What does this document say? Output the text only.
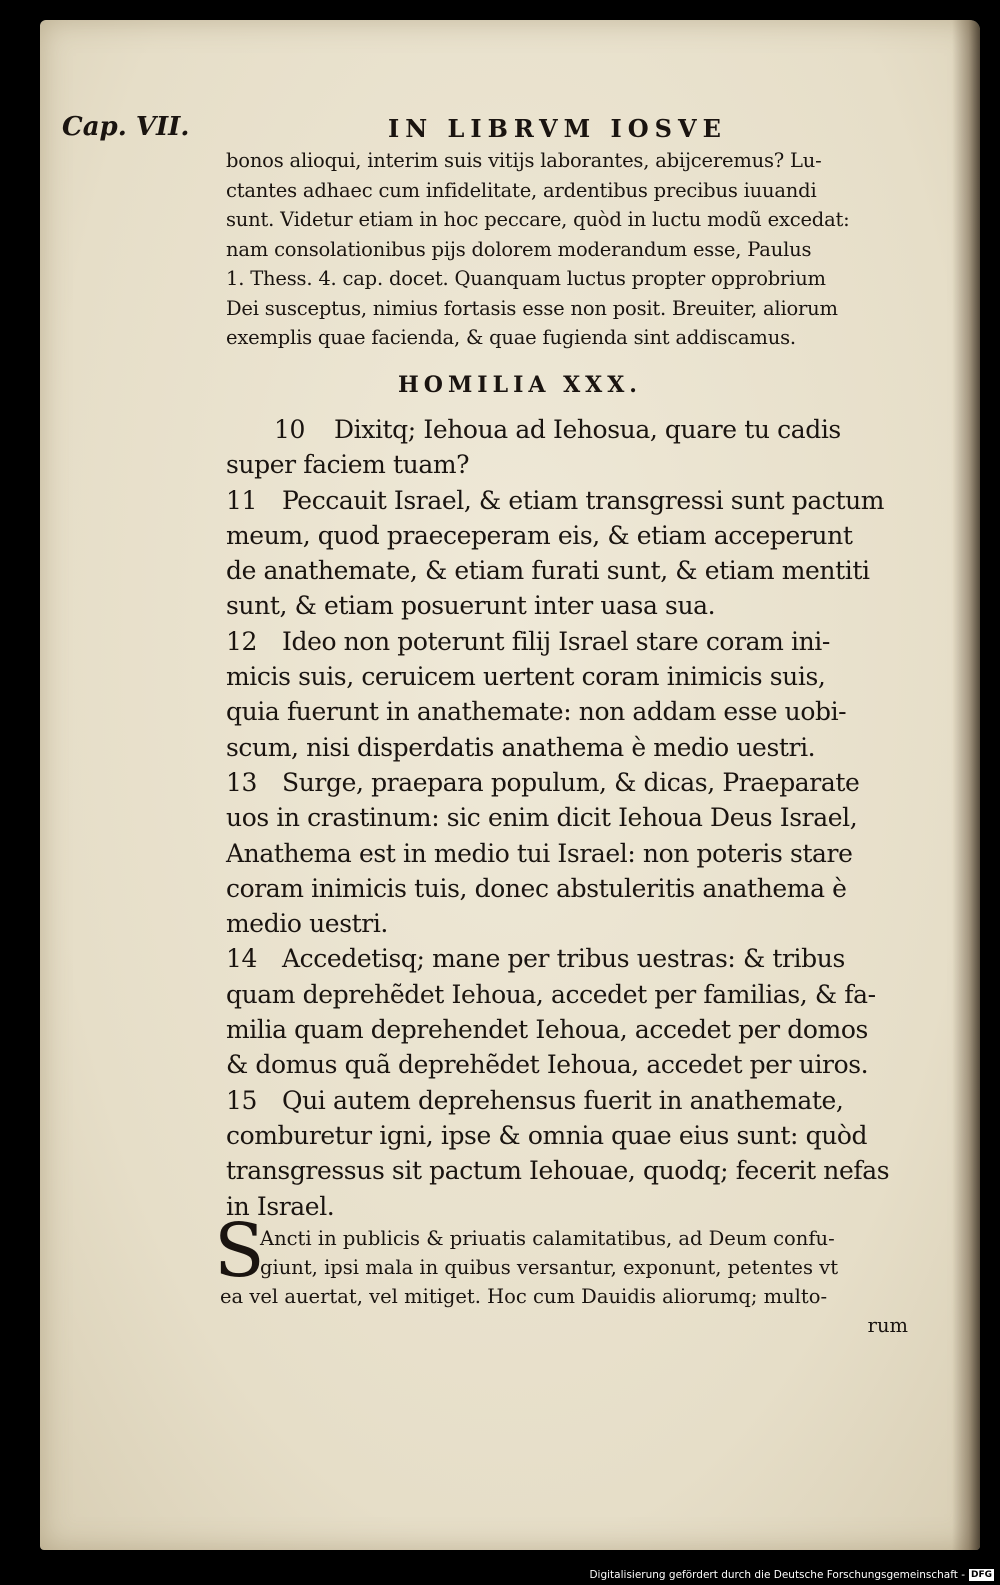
Cap. VII.	IN LIBRVM IOSVE

bonos alioqui, interim suis vitijs laborantes, abijceremus? Lu-

ctantes adhaec cum infidelitate, ardentibus precibus iuuandi

sunt. Videtur etiam in hoc peccare, quòd in luctu modũ excedat:

nam consolationibus pijs dolorem moderandum esse, Paulus

1. Thess. 4. cap. docet. Quanquam luctus propter opprobrium

Dei susceptus, nimius fortasis esse non posit. Breuiter, aliorum

exemplis quae facienda, & quae fugienda sint addiscamus.

HOMILIA XXX.

10 Dixitq; Iehoua ad Iehosua, quare tu cadis

super faciem tuam?

11 Peccauit Israel, & etiam transgressi sunt pactum

meum, quod praeceperam eis, & etiam acceperunt

de anathemate, & etiam furati sunt, & etiam mentiti

sunt, & etiam posuerunt inter uasa sua.

12 Ideo non poterunt filij Israel stare coram ini-

micis suis, ceruicem uertent coram inimicis suis,

quia fuerunt in anathemate: non addam esse uobi-

scum, nisi disperdatis anathema è medio uestri.

13 Surge, praepara populum, & dicas, Praeparate

uos in crastinum: sic enim dicit Iehoua Deus Israel,

Anathema est in medio tui Israel: non poteris stare

coram inimicis tuis, donec abstuleritis anathema è

medio uestri.

14 Accedetisq; mane per tribus uestras: & tribus

quam deprehẽdet Iehoua, accedet per familias, & fa-

milia quam deprehendet Iehoua, accedet per domos

& domus quã deprehẽdet Iehoua, accedet per uiros.

15 Qui autem deprehensus fuerit in anathemate,

comburetur igni, ipse & omnia quae eius sunt: quòd

transgressus sit pactum Iehouae, quodq; fecerit nefas

in Israel.

S

Ancti in publicis & priuatis calamitatibus, ad Deum confu-

giunt, ipsi mala in quibus versantur, exponunt, petentes vt

ea vel auertat, vel mitiget. Hoc cum Dauidis aliorumq; multo-

rum

Digitalisierung gefördert durch die Deutsche Forschungsgemeinschaft - DFG
